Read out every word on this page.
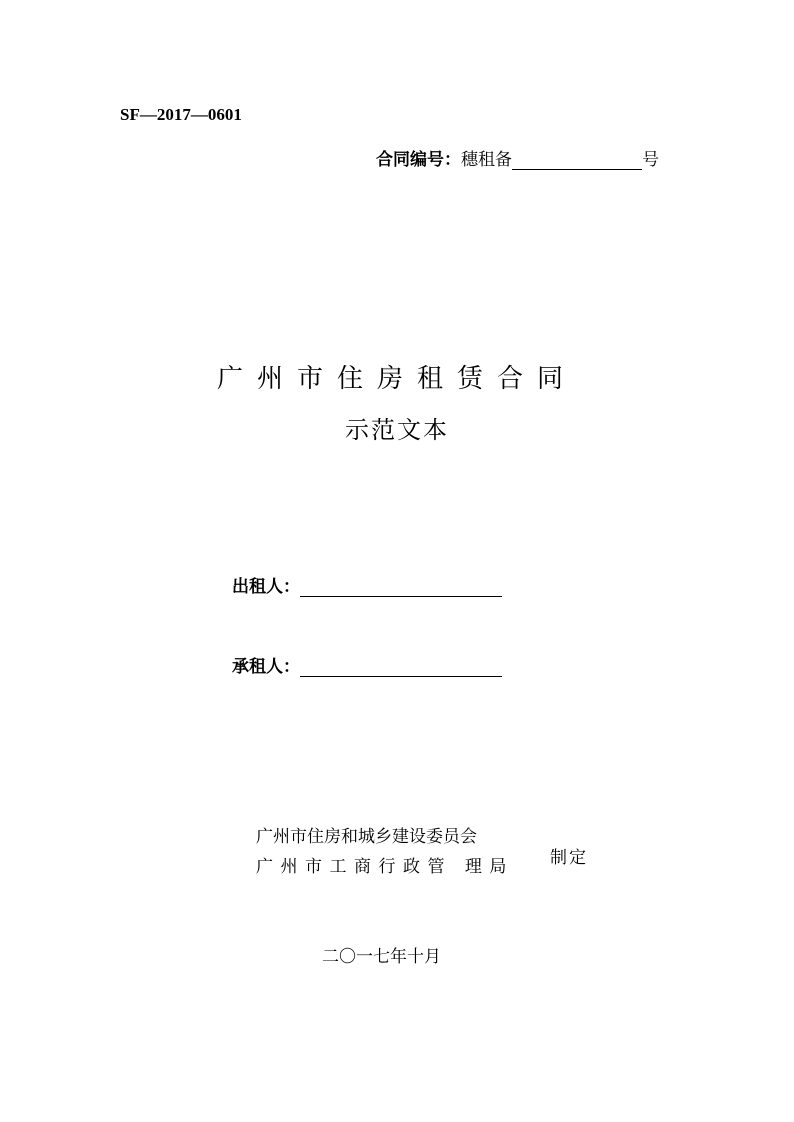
SF—2017—0601
合同编号：穗租备	号
广州市住房租赁合同
示范文本
出租人：
承租人：
广州市住房和城乡建设委员会
广州市工商行政管 理局 制定
二〇一七年十月
